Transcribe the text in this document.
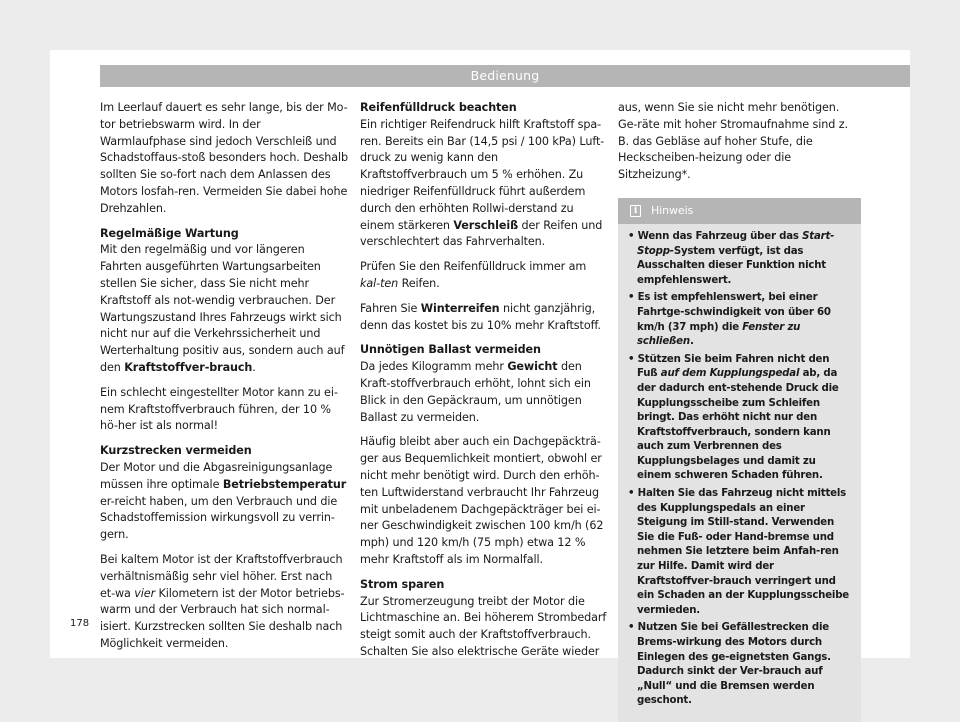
Bedienung

Im Leerlauf dauert es sehr lange, bis der Mo-tor betriebswarm wird. In der Warmlaufphase sind jedoch Verschleiß und Schadstoffaus-stoß besonders hoch. Deshalb sollten Sie so-fort nach dem Anlassen des Motors losfah-ren. Vermeiden Sie dabei hohe Drehzahlen.

Regelmäßige Wartung

Mit den regelmäßig und vor längeren Fahrten ausgeführten Wartungsarbeiten stellen Sie sicher, dass Sie nicht mehr Kraftstoff als not-wendig verbrauchen. Der Wartungszustand Ihres Fahrzeugs wirkt sich nicht nur auf die Verkehrssicherheit und Werterhaltung positiv aus, sondern auch auf den Kraftstoffver-brauch.

Ein schlecht eingestellter Motor kann zu ei-nem Kraftstoffverbrauch führen, der 10 % hö-her ist als normal!

Kurzstrecken vermeiden

Der Motor und die Abgasreinigungsanlage müssen ihre optimale Betriebstemperatur er-reicht haben, um den Verbrauch und die Schadstoffemission wirkungsvoll zu verrin-gern.

Bei kaltem Motor ist der Kraftstoffverbrauch verhältnismäßig sehr viel höher. Erst nach et-wa vier Kilometern ist der Motor betriebs-warm und der Verbrauch hat sich normal-isiert. Kurzstrecken sollten Sie deshalb nach Möglichkeit vermeiden.

Reifenfülldruck beachten

Ein richtiger Reifendruck hilft Kraftstoff spa-ren. Bereits ein Bar (14,5 psi / 100 kPa) Luft-druck zu wenig kann den Kraftstoffverbrauch um 5 % erhöhen. Zu niedriger Reifenfülldruck führt außerdem durch den erhöhten Rollwi-derstand zu einem stärkeren Verschleiß der Reifen und verschlechtert das Fahrverhalten.

Prüfen Sie den Reifenfülldruck immer am kal-ten Reifen.

Fahren Sie Winterreifen nicht ganzjährig, denn das kostet bis zu 10% mehr Kraftstoff.

Unnötigen Ballast vermeiden

Da jedes Kilogramm mehr Gewicht den Kraft-stoffverbrauch erhöht, lohnt sich ein Blick in den Gepäckraum, um unnötigen Ballast zu vermeiden.

Häufig bleibt aber auch ein Dachgepäckträ-ger aus Bequemlichkeit montiert, obwohl er nicht mehr benötigt wird. Durch den erhöh-ten Luftwiderstand verbraucht Ihr Fahrzeug mit unbeladenem Dachgepäckträger bei ei-ner Geschwindigkeit zwischen 100 km/h (62 mph) und 120 km/h (75 mph) etwa 12 % mehr Kraftstoff als im Normalfall.

Strom sparen

Zur Stromerzeugung treibt der Motor die Lichtmaschine an. Bei höherem Strombedarf steigt somit auch der Kraftstoffverbrauch. Schalten Sie also elektrische Geräte wieder

aus, wenn Sie sie nicht mehr benötigen. Ge-räte mit hoher Stromaufnahme sind z. B. das Gebläse auf hoher Stufe, die Heckscheiben-heizung oder die Sitzheizung*.

i	Hinweis
• Wenn das Fahrzeug über das Start-Stopp-System verfügt, ist das Ausschalten dieser Funktion nicht empfehlenswert.
• Es ist empfehlenswert, bei einer Fahrtge-schwindigkeit von über 60 km/h (37 mph) die Fenster zu schließen.
• Stützen Sie beim Fahren nicht den Fuß auf dem Kupplungspedal ab, da der dadurch ent-stehende Druck die Kupplungsscheibe zum Schleifen bringt. Das erhöht nicht nur den Kraftstoffverbrauch, sondern kann auch zum Verbrennen des Kupplungsbelages und damit zu einem schweren Schaden führen.
• Halten Sie das Fahrzeug nicht mittels des Kupplungspedals an einer Steigung im Still-stand. Verwenden Sie die Fuß- oder Hand-bremse und nehmen Sie letztere beim Anfah-ren zur Hilfe. Damit wird der Kraftstoffver-brauch verringert und ein Schaden an der Kupplungsscheibe vermieden.
• Nutzen Sie bei Gefällestrecken die Brems-wirkung des Motors durch Einlegen des ge-eignetsten Gangs. Dadurch sinkt der Ver-brauch auf „Null“ und die Bremsen werden geschont.
178
